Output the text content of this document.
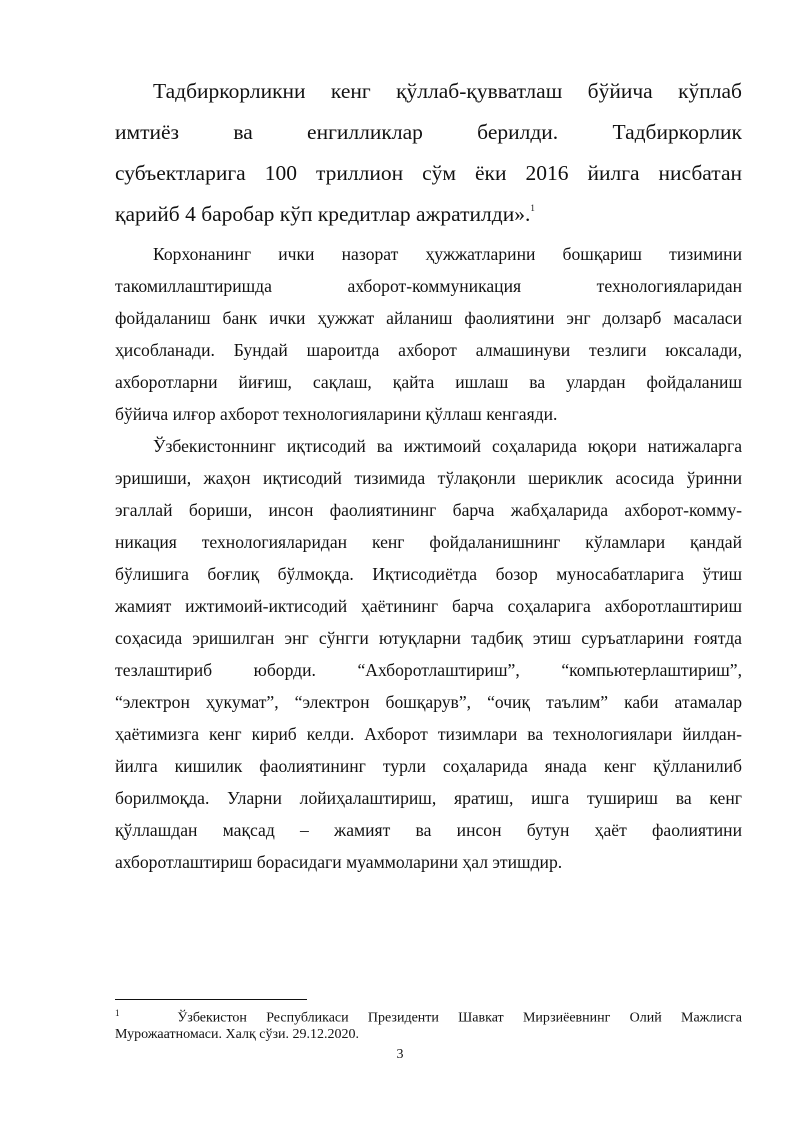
Тадбиркорликни кенг қўллаб-қувватлаш бўйича кўплаб
имтиёз ва енгилликлар берилди. Тадбиркорлик
субъектларига 100 триллион сўм ёки 2016 йилга нисбатан
қарийб 4 баробар кўп кредитлар ажратилди».$^1$
Корхонанинг ички назорат ҳужжатларини бошқариш тизимини
такомиллаштиришда ахборот-коммуникация технологияларидан
фойдаланиш банк ички ҳужжат айланиш фаолиятини энг долзарб масаласи
ҳисобланади. Бундай шароитда ахборот алмашинуви тезлиги юксалади,
ахборотларни йиғиш, сақлаш, қайта ишлаш ва улардан фойдаланиш
бўйича илғор ахборот технологияларини қўллаш кенгаяди.
Ўзбекистоннинг иқтисодий ва ижтимоий соҳаларида юқори натижаларга
эришиши, жаҳон иқтисодий тизимида тўлақонли шериклик асосида ўринни
эгаллай бориши, инсон фаолиятининг барча жабҳаларида ахборот-комму-
никация технологияларидан кенг фойдаланишнинг кўламлари қандай
бўлишига боғлиқ бўлмоқда. Иқтисодиётда бозор муносабатларига ўтиш
жамият ижтимоий-иктисодий ҳаётининг барча соҳаларига ахборотлаштириш
соҳасида эришилган энг сўнгги ютуқларни тадбиқ этиш суръатларини ғоятда
тезлаштириб юборди. “Ахборотлаштириш”, “компьютерлаштириш”,
“электрон ҳукумат”, “электрон бошқарув”, “очиқ таълим” каби атамалар
ҳаётимизга кенг кириб келди. Ахборот тизимлари ва технологиялари йилдан-
йилга кишилик фаолиятининг турли соҳаларида янада кенг қўлланилиб
борилмоқда. Уларни лойиҳалаштириш, яратиш, ишга тушириш ва кенг
қўллашдан мақсад – жамият ва инсон бутун ҳаёт фаолиятини
ахборотлаштириш борасидаги муаммоларини ҳал этишдир.
$^1$	Ўзбекистон Республикаси Президенти Шавкат Мирзиёевнинг Олий Мажлисга
Мурожаатномаси. Халқ сўзи. 29.12.2020.
3
